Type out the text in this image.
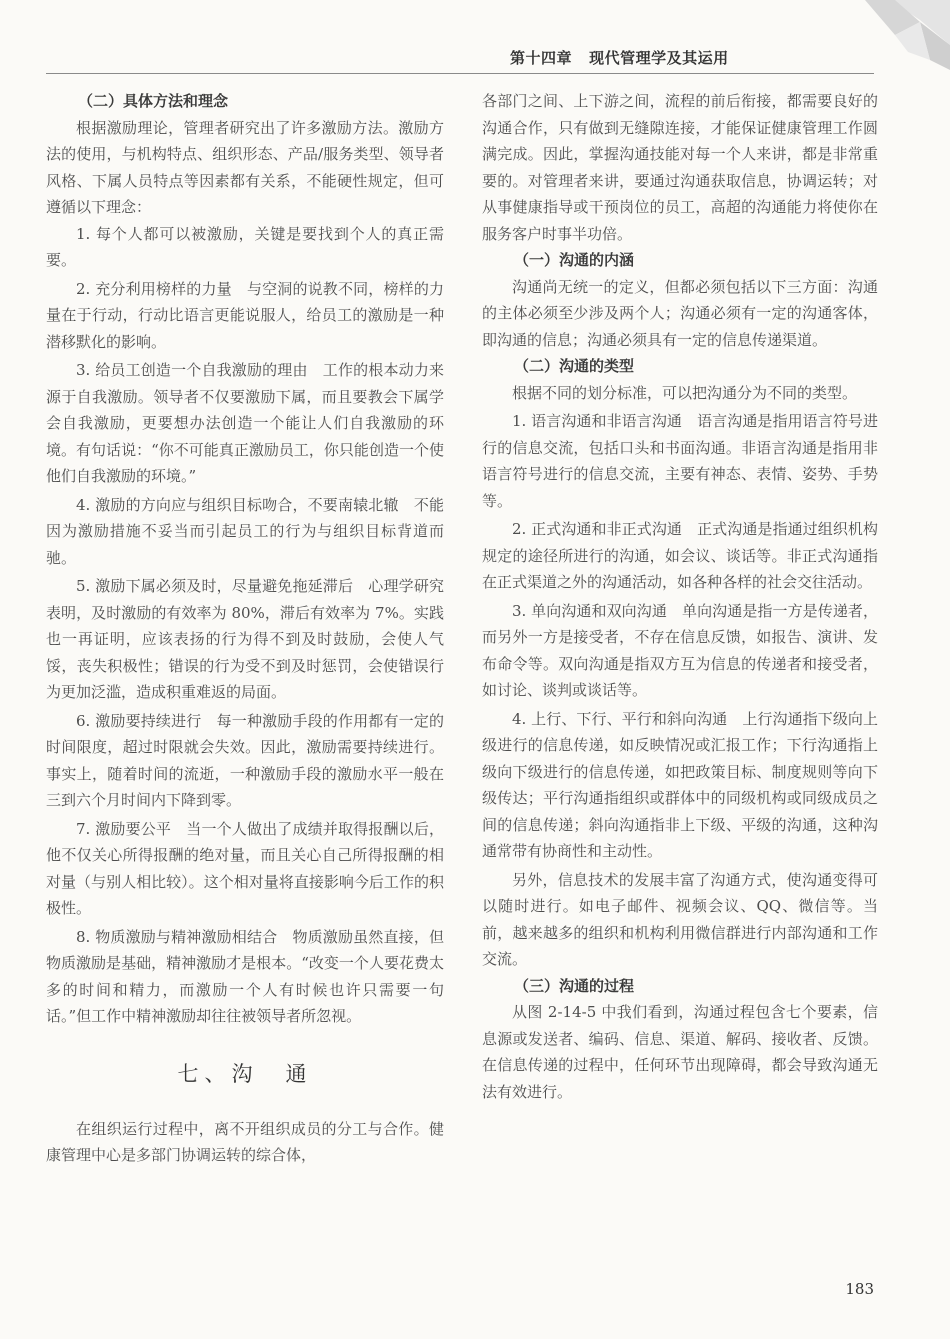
第十四章   现代管理学及其运用
（二）具体方法和理念

根据激励理论，管理者研究出了许多激励方法。激励方法的使用，与机构特点、组织形态、产品/服务类型、领导者风格、下属人员特点等因素都有关系，不能硬性规定，但可遵循以下理念：

1. 每个人都可以被激励，关键是要找到个人的真正需要。

2. 充分利用榜样的力量　与空洞的说教不同，榜样的力量在于行动，行动比语言更能说服人，给员工的激励是一种潜移默化的影响。

3. 给员工创造一个自我激励的理由　工作的根本动力来源于自我激励。领导者不仅要激励下属，而且要教会下属学会自我激励，更要想办法创造一个能让人们自我激励的环境。有句话说：“你不可能真正激励员工，你只能创造一个使他们自我激励的环境。”

4. 激励的方向应与组织目标吻合，不要南辕北辙　不能因为激励措施不妥当而引起员工的行为与组织目标背道而驰。

5. 激励下属必须及时，尽量避免拖延滞后　心理学研究表明，及时激励的有效率为 80%，滞后有效率为 7%。实践也一再证明，应该表扬的行为得不到及时鼓励，会使人气馁，丧失积极性；错误的行为受不到及时惩罚，会使错误行为更加泛滥，造成积重难返的局面。

6. 激励要持续进行　每一种激励手段的作用都有一定的时间限度，超过时限就会失效。因此，激励需要持续进行。事实上，随着时间的流逝，一种激励手段的激励水平一般在三到六个月时间内下降到零。

7. 激励要公平　当一个人做出了成绩并取得报酬以后，他不仅关心所得报酬的绝对量，而且关心自己所得报酬的相对量（与别人相比较）。这个相对量将直接影响今后工作的积极性。

8. 物质激励与精神激励相结合　物质激励虽然直接，但物质激励是基础，精神激励才是根本。“改变一个人要花费太多的时间和精力，而激励一个人有时候也许只需要一句话。”但工作中精神激励却往往被领导者所忽视。

七、沟　通

在组织运行过程中，离不开组织成员的分工与合作。健康管理中心是多部门协调运转的综合体，

各部门之间、上下游之间，流程的前后衔接，都需要良好的沟通合作，只有做到无缝隙连接，才能保证健康管理工作圆满完成。因此，掌握沟通技能对每一个人来讲，都是非常重要的。对管理者来讲，要通过沟通获取信息，协调运转；对从事健康指导或干预岗位的员工，高超的沟通能力将使你在服务客户时事半功倍。

（一）沟通的内涵

沟通尚无统一的定义，但都必须包括以下三方面：沟通的主体必须至少涉及两个人；沟通必须有一定的沟通客体，即沟通的信息；沟通必须具有一定的信息传递渠道。

（二）沟通的类型

根据不同的划分标准，可以把沟通分为不同的类型。

1. 语言沟通和非语言沟通　语言沟通是指用语言符号进行的信息交流，包括口头和书面沟通。非语言沟通是指用非语言符号进行的信息交流，主要有神态、表情、姿势、手势等。

2. 正式沟通和非正式沟通　正式沟通是指通过组织机构规定的途径所进行的沟通，如会议、谈话等。非正式沟通指在正式渠道之外的沟通活动，如各种各样的社会交往活动。

3. 单向沟通和双向沟通　单向沟通是指一方是传递者，而另外一方是接受者，不存在信息反馈，如报告、演讲、发布命令等。双向沟通是指双方互为信息的传递者和接受者，如讨论、谈判或谈话等。

4. 上行、下行、平行和斜向沟通　上行沟通指下级向上级进行的信息传递，如反映情况或汇报工作；下行沟通指上级向下级进行的信息传递，如把政策目标、制度规则等向下级传达；平行沟通指组织或群体中的同级机构或同级成员之间的信息传递；斜向沟通指非上下级、平级的沟通，这种沟通常带有协商性和主动性。

另外，信息技术的发展丰富了沟通方式，使沟通变得可以随时进行。如电子邮件、视频会议、QQ、微信等。当前，越来越多的组织和机构利用微信群进行内部沟通和工作交流。

（三）沟通的过程

从图 2-14-5 中我们看到，沟通过程包含七个要素，信息源或发送者、编码、信息、渠道、解码、接收者、反馈。在信息传递的过程中，任何环节出现障碍，都会导致沟通无法有效进行。

183
